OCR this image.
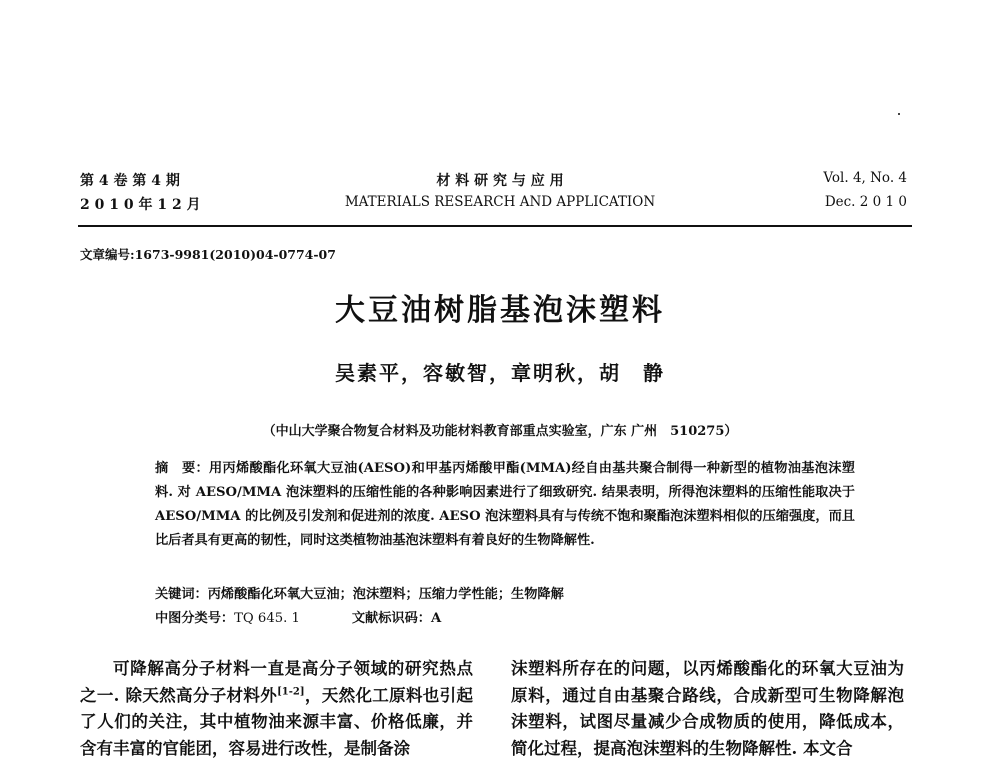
第 4 卷 第 4 期
2 0 1 0 年 1 2 月
材 料 研 究 与 应 用
MATERIALS RESEARCH AND APPLICATION
Vol. 4, No. 4
Dec. 2 0 1 0
文章编号:1673-9981(2010)04-0774-07
大豆油树脂基泡沫塑料
吴素平，容敏智，章明秋，胡　静
（中山大学聚合物复合材料及功能材料教育部重点实验室，广东 广州　510275）
摘　要：用丙烯酸酯化环氧大豆油(AESO)和甲基丙烯酸甲酯(MMA)经自由基共聚合制得一种新型的植物油基泡沫塑料. 对 AESO/MMA 泡沫塑料的压缩性能的各种影响因素进行了细致研究. 结果表明，所得泡沫塑料的压缩性能取决于 AESO/MMA 的比例及引发剂和促进剂的浓度. AESO 泡沫塑料具有与传统不饱和聚酯泡沫塑料相似的压缩强度，而且比后者具有更高的韧性，同时这类植物油基泡沫塑料有着良好的生物降解性.
关键词：丙烯酸酯化环氧大豆油；泡沫塑料；压缩力学性能；生物降解
中图分类号：TQ 645. 1	文献标识码：A
可降解高分子材料一直是高分子领域的研究热点之一. 除天然高分子材料外[1-2]，天然化工原料也引起了人们的关注，其中植物油来源丰富、价格低廉，并含有丰富的官能团，容易进行改性，是制备涂
沫塑料所存在的问题，以丙烯酸酯化的环氧大豆油为原料，通过自由基聚合路线，合成新型可生物降解泡沫塑料，试图尽量减少合成物质的使用，降低成本，简化过程，提高泡沫塑料的生物降解性. 本文合
